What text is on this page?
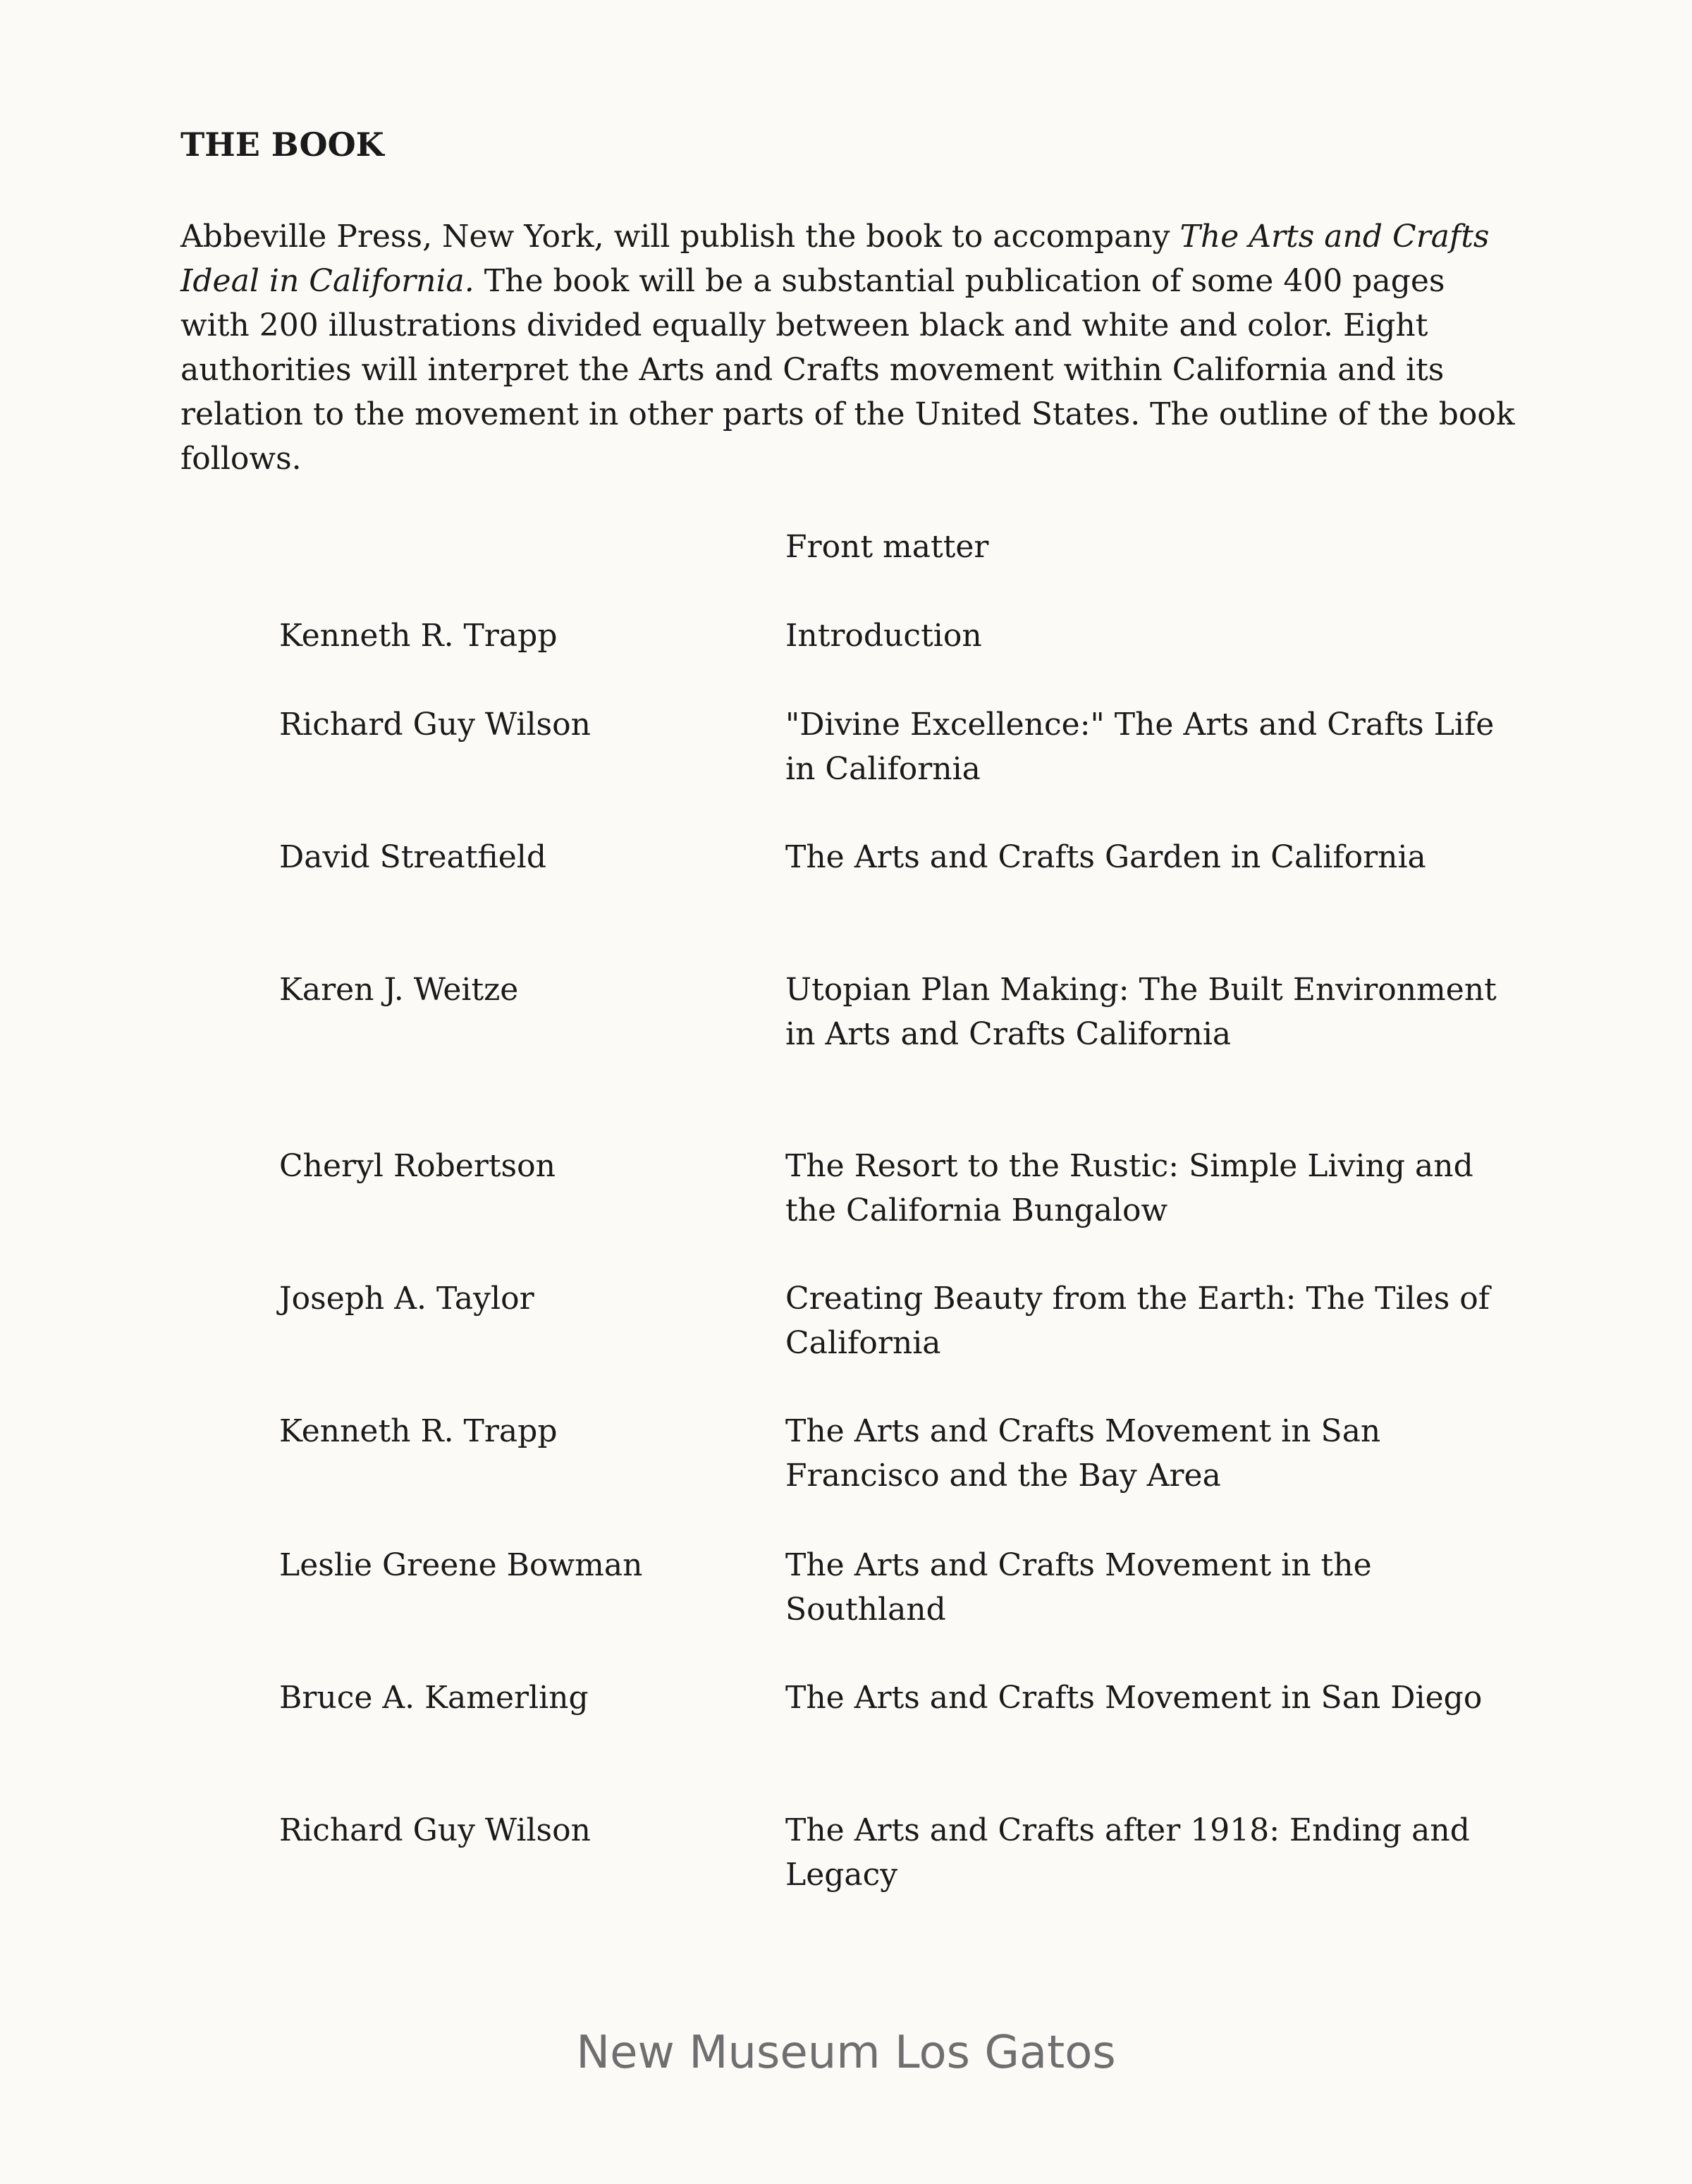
THE BOOK

Abbeville Press, New York, will publish the book to accompany The Arts and Crafts Ideal in California. The book will be a substantial publication of some 400 pages with 200 illustrations divided equally between black and white and color. Eight authorities will interpret the Arts and Crafts movement within California and its relation to the movement in other parts of the United States. The outline of the book follows.

Front matter

Kenneth R. Trapp	Introduction

Richard Guy Wilson	"Divine Excellence:" The Arts and Crafts Life in California

David Streatfield	The Arts and Crafts Garden in California

Karen J. Weitze	Utopian Plan Making: The Built Environment in Arts and Crafts California

Cheryl Robertson	The Resort to the Rustic: Simple Living and the California Bungalow

Joseph A. Taylor	Creating Beauty from the Earth: The Tiles of California

Kenneth R. Trapp	The Arts and Crafts Movement in San Francisco and the Bay Area

Leslie Greene Bowman	The Arts and Crafts Movement in the Southland

Bruce A. Kamerling	The Arts and Crafts Movement in San Diego

Richard Guy Wilson	The Arts and Crafts after 1918: Ending and Legacy

New Museum Los Gatos
